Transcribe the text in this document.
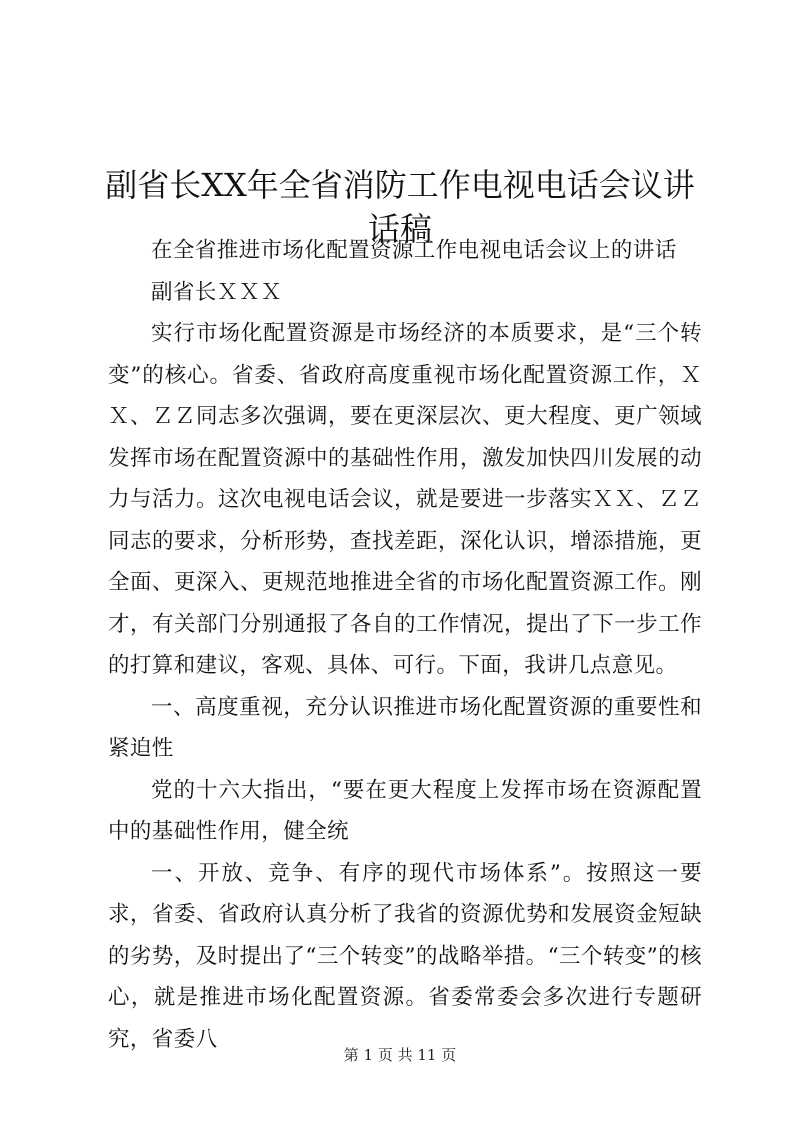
副省长XX年全省消防工作电视电话会议讲话稿

在全省推进市场化配置资源工作电视电话会议上的讲话

副省长ＸＸＸ

实行市场化配置资源是市场经济的本质要求，是“三个转变”的核心。省委、省政府高度重视市场化配置资源工作，ＸＸ、ＺＺ同志多次强调，要在更深层次、更大程度、更广领域发挥市场在配置资源中的基础性作用，激发加快四川发展的动力与活力。这次电视电话会议，就是要进一步落实ＸＸ、ＺＺ同志的要求，分析形势，查找差距，深化认识，增添措施，更全面、更深入、更规范地推进全省的市场化配置资源工作。刚才，有关部门分别通报了各自的工作情况，提出了下一步工作的打算和建议，客观、具体、可行。下面，我讲几点意见。

一、高度重视，充分认识推进市场化配置资源的重要性和紧迫性

党的十六大指出，“要在更大程度上发挥市场在资源配置中的基础性作用，健全统

一、开放、竞争、有序的现代市场体系”。按照这一要求，省委、省政府认真分析了我省的资源优势和发展资金短缺的劣势，及时提出了“三个转变”的战略举措。“三个转变”的核心，就是推进市场化配置资源。省委常委会多次进行专题研究，省委八

第 1 页 共 11 页
